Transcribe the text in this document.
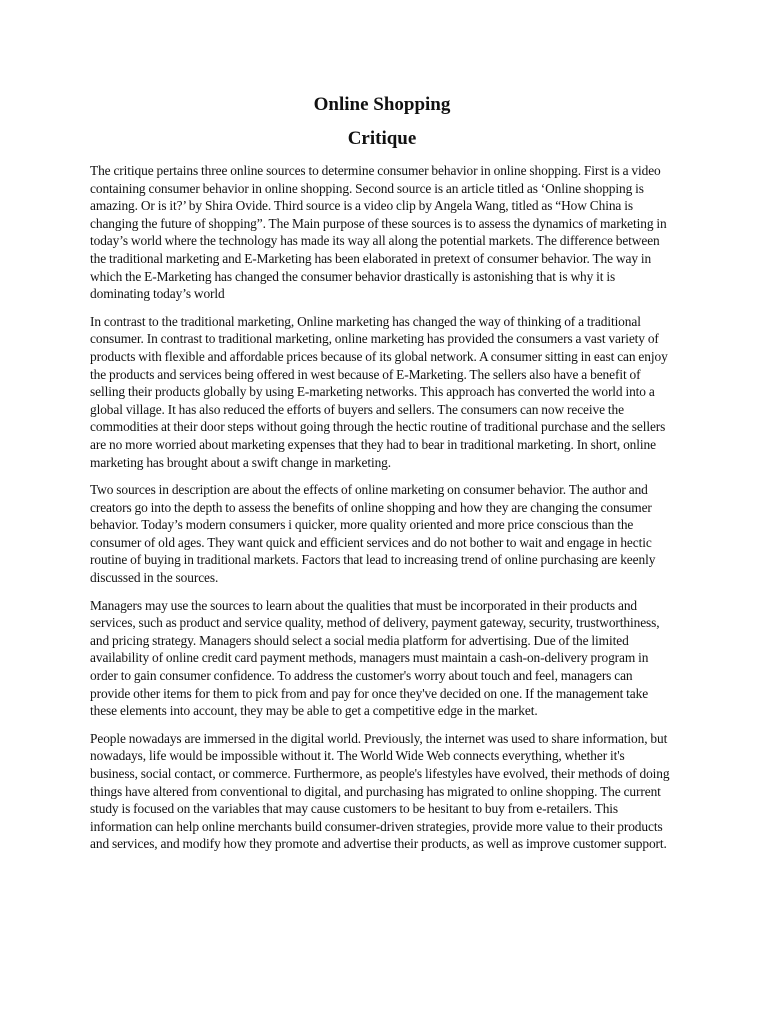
Online Shopping
Critique

The critique pertains three online sources to determine consumer behavior in online shopping. First is a video containing consumer behavior in online shopping. Second source is an article titled as ‘Online shopping is amazing. Or is it?’ by Shira Ovide. Third source is a video clip by Angela Wang, titled as “How China is changing the future of shopping”. The Main purpose of these sources is to assess the dynamics of marketing in today’s world where the technology has made its way all along the potential markets. The difference between the traditional marketing and E-Marketing has been elaborated in pretext of consumer behavior. The way in which the E-Marketing has changed the consumer behavior drastically is astonishing that is why it is dominating today’s world

In contrast to the traditional marketing, Online marketing has changed the way of thinking of a traditional consumer. In contrast to traditional marketing, online marketing has provided the consumers a vast variety of products with flexible and affordable prices because of its global network. A consumer sitting in east can enjoy the products and services being offered in west because of E-Marketing. The sellers also have a benefit of selling their products globally by using E-marketing networks. This approach has converted the world into a global village. It has also reduced the efforts of buyers and sellers. The consumers can now receive the commodities at their door steps without going through the hectic routine of traditional purchase and the sellers are no more worried about marketing expenses that they had to bear in traditional marketing. In short, online marketing has brought about a swift change in marketing.

Two sources in description are about the effects of online marketing on consumer behavior. The author and creators go into the depth to assess the benefits of online shopping and how they are changing the consumer behavior. Today’s modern consumers i quicker, more quality oriented and more price conscious than the consumer of old ages. They want quick and efficient services and do not bother to wait and engage in hectic routine of buying in traditional markets. Factors that lead to increasing trend of online purchasing are keenly discussed in the sources.

Managers may use the sources to learn about the qualities that must be incorporated in their products and services, such as product and service quality, method of delivery, payment gateway, security, trustworthiness, and pricing strategy. Managers should select a social media platform for advertising. Due of the limited availability of online credit card payment methods, managers must maintain a cash-on-delivery program in order to gain consumer confidence. To address the customer's worry about touch and feel, managers can provide other items for them to pick from and pay for once they've decided on one. If the management take these elements into account, they may be able to get a competitive edge in the market.

People nowadays are immersed in the digital world. Previously, the internet was used to share information, but nowadays, life would be impossible without it. The World Wide Web connects everything, whether it's business, social contact, or commerce. Furthermore, as people's lifestyles have evolved, their methods of doing things have altered from conventional to digital, and purchasing has migrated to online shopping. The current study is focused on the variables that may cause customers to be hesitant to buy from e-retailers. This information can help online merchants build consumer-driven strategies, provide more value to their products and services, and modify how they promote and advertise their products, as well as improve customer support.
